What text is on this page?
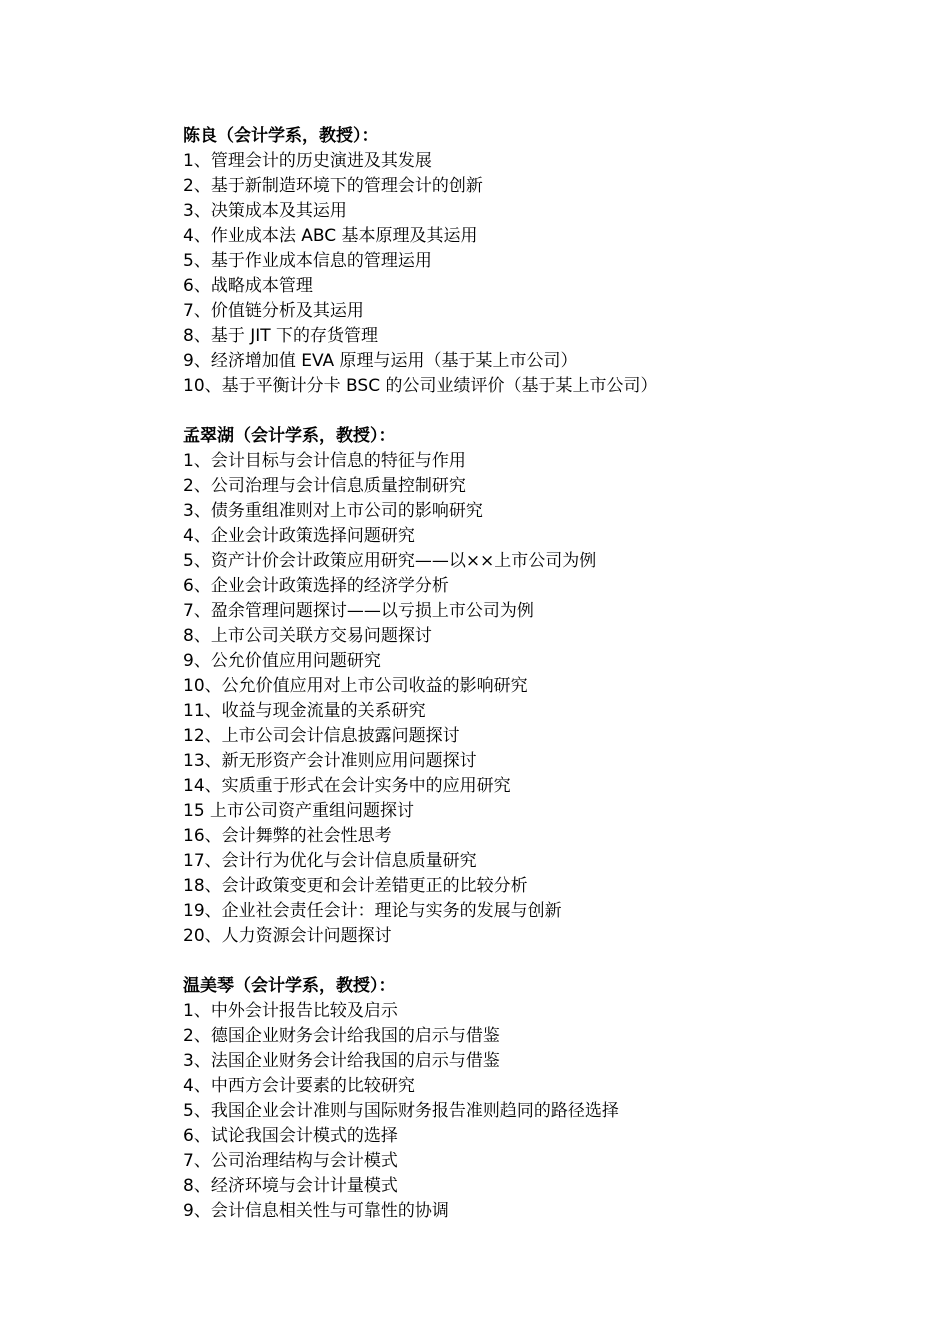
陈良（会计学系，教授）：
1、管理会计的历史演进及其发展
2、基于新制造环境下的管理会计的创新
3、决策成本及其运用
4、作业成本法 ABC 基本原理及其运用
5、基于作业成本信息的管理运用
6、战略成本管理
7、价值链分析及其运用
8、基于 JIT 下的存货管理
9、经济增加值 EVA 原理与运用（基于某上市公司）
10、基于平衡计分卡 BSC 的公司业绩评价（基于某上市公司）
孟翠湖（会计学系，教授）：
1、会计目标与会计信息的特征与作用
2、公司治理与会计信息质量控制研究
3、债务重组准则对上市公司的影响研究
4、企业会计政策选择问题研究
5、资产计价会计政策应用研究——以××上市公司为例
6、企业会计政策选择的经济学分析
7、盈余管理问题探讨——以亏损上市公司为例
8、上市公司关联方交易问题探讨
9、公允价值应用问题研究
10、公允价值应用对上市公司收益的影响研究
11、收益与现金流量的关系研究
12、上市公司会计信息披露问题探讨
13、新无形资产会计准则应用问题探讨
14、实质重于形式在会计实务中的应用研究
15 上市公司资产重组问题探讨
16、会计舞弊的社会性思考
17、会计行为优化与会计信息质量研究
18、会计政策变更和会计差错更正的比较分析
19、企业社会责任会计：理论与实务的发展与创新
20、人力资源会计问题探讨
温美琴（会计学系，教授）：
1、中外会计报告比较及启示
2、德国企业财务会计给我国的启示与借鉴
3、法国企业财务会计给我国的启示与借鉴
4、中西方会计要素的比较研究
5、我国企业会计准则与国际财务报告准则趋同的路径选择
6、试论我国会计模式的选择
7、公司治理结构与会计模式
8、经济环境与会计计量模式
9、会计信息相关性与可靠性的协调
